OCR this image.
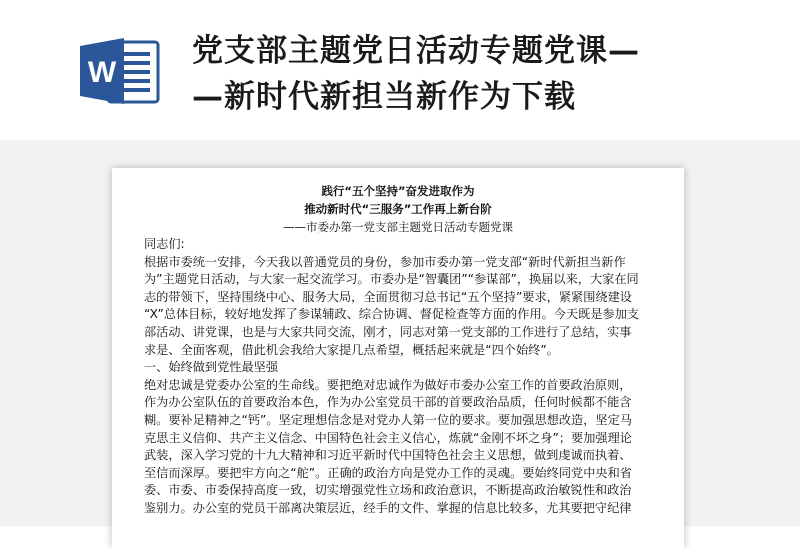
W
党支部主题党日活动专题党课—
—新时代新担当新作为下载
践行“五个坚持”奋发进取作为
推动新时代“三服务”工作再上新台阶
——市委办第一党支部主题党日活动专题党课
同志们:
根据市委统一安排，今天我以普通党员的身份，参加市委办第一党支部“新时代新担当新作
为”主题党日活动，与大家一起交流学习。市委办是“智囊团”“参谋部”，换届以来，大家在同
志的带领下，坚持围绕中心、服务大局，全面贯彻习总书记“五个坚持”要求，紧紧围绕建设
“X”总体目标，较好地发挥了参谋辅政、综合协调、督促检查等方面的作用。今天既是参加支
部活动、讲党课，也是与大家共同交流，刚才，同志对第一党支部的工作进行了总结，实事
求是、全面客观，借此机会我给大家提几点希望，概括起来就是“四个始终”。
一、始终做到党性最坚强
绝对忠诚是党委办公室的生命线。要把绝对忠诚作为做好市委办公室工作的首要政治原则，
作为办公室队伍的首要政治本色，作为办公室党员干部的首要政治品质，任何时候都不能含
糊。要补足精神之“钙”。坚定理想信念是对党办人第一位的要求。要加强思想改造，坚定马
克思主义信仰、共产主义信念、中国特色社会主义信心，炼就“金刚不坏之身”；要加强理论
武装，深入学习党的十九大精神和习近平新时代中国特色社会主义思想，做到虔诚而执着、
至信而深厚。要把牢方向之“舵”。正确的政治方向是党办工作的灵魂。要始终同党中央和省
委、市委、市委保持高度一致，切实增强党性立场和政治意识，不断提高政治敏锐性和政治
鉴别力。办公室的党员干部离决策层近，经手的文件、掌握的信息比较多，尤其要把守纪律
